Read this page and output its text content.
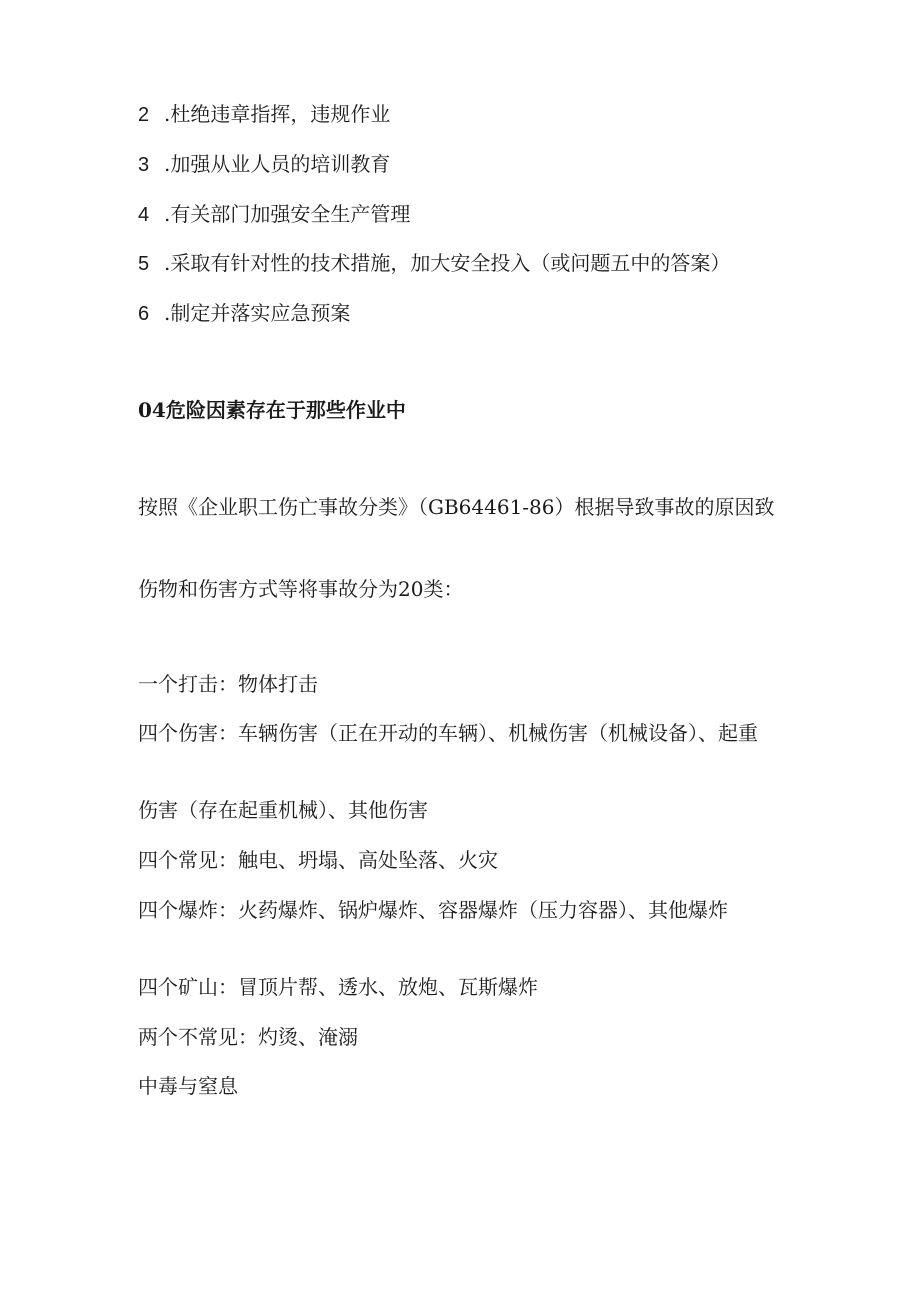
2 .杜绝违章指挥，违规作业
3 .加强从业人员的培训教育
4 .有关部门加强安全生产管理
5 .采取有针对性的技术措施，加大安全投入（或问题五中的答案）
6 .制定并落实应急预案
04危险因素存在于那些作业中
按照《企业职工伤亡事故分类》（GB64461-86）根据导致事故的原因致
伤物和伤害方式等将事故分为20类：
一个打击：物体打击
四个伤害：车辆伤害（正在开动的车辆）、机械伤害（机械设备）、起重
伤害（存在起重机械）、其他伤害
四个常见：触电、坍塌、高处坠落、火灾
四个爆炸：火药爆炸、锅炉爆炸、容器爆炸（压力容器）、其他爆炸
四个矿山：冒顶片帮、透水、放炮、瓦斯爆炸
两个不常见：灼烫、淹溺
中毒与窒息
